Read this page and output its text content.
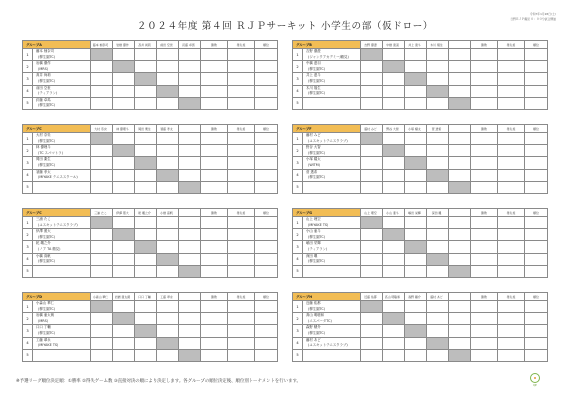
２０２４年度 第４回 ＲＪＰサーキット 小学生の部（仮ドロー）
令和7年1月28日(土)
日野ＲＪＰ鶴見 ０：００分試合開始
グループA		藤本 柚奈司	岩橋 優作	髙井 尚莉	前田 空世	釘藤 卓馬	勝敗	得失差	順位
1	藤本 柚奈司
(柳生園TC)								

2	岩橋 優作
(MRS)								

3	髙井 尚莉
(柳生園TC)								

4	前田 空世
(ティアラン)								

5	釘藤 卓馬
(柳生園TC)								

グループB		吉野 優澄	中橋 達羽	井上 達斗	木川 翔生		勝敗	得失差	順位
1	吉野 優澄
(ジャンクアカデミーJ鶴見)								

2	中橋 達羽
(柳生園TC)								

3	井上 達斗
(柳生園TC)								

4	木川 翔生
(柳生園TC)								

5	

グループC		大村 奈央	林 優理斗	岡田 栗生	須藤 孝太		勝敗	得失差	順位
1	大村 奈央
(柳生園TC)								

2	林 優理斗
(TC スパマトラ)								

3	岡田 栗生
(柳生園TC)								

4	須藤 孝太
(MIYAKE テニススクール)								

5	

グループF		藤村 みど	野谷 大智	小塚 耀太	菅 透希		勝敗	得失差	順位
1	藤村 みど
(ユスキットテニスクラブ)								

2	野谷 大智
(柳生園TC)								

3	小塚 耀太
(WITM)								

4	菅 透希
(柳生園TC)								

5	

グループC		三浦 たこ	伊澤 照大	乾 颯之介	小橋 高帆		勝敗	得失差	順位
1	三浦 たこ
(ユスキットテニスクラブ)								

2	伊澤 照大
(柳生園TC)								

3	乾 颯之介
(ノア TA 鶴見)								

4	小橋 高帆
(柳生園TC)								

5	

グループG		山上 理空	小山 亜斗	嶋田 栄輝	深田 颯		勝敗	得失差	順位
1	山上 理空
(MIYAKE TS)								

2	小山 亜斗
(柳生園TC)								

3	嶋田 栄輝
(ティアラン)								

4	深田 颯
(柳生園TC)								

5	

グループD		小森山 華仁	岩橋 亜太朗	口口 丁輔	工藤 翠永		勝敗	得失差	順位
1	小森山 華仁
(柳生園TC)								

2	岩橋 亜太朗
(MRS)								

3	口口 丁輔
(柳生園TC)								

4	工藤 翠永
(MIYAKE TS)								

5	

グループH		近藤 佑都	髙山 明聡和	森野 穂介	藤村 あど		勝敗	得失差	順位
1	近藤 佑都
(柳生園TC)								

2	髙山 明聡和
(エスパーダTC)								

3	森野 穂介
(柳生園TC)								

4	藤村 あど
(ユスキットテニスクラブ)								

5	

※予選リーグ順位決定順：①勝率 ②得失ゲーム数 ③直接対決の順により決定します。各グループの順位決定後、順位別トーナメントを行います。
RJP
